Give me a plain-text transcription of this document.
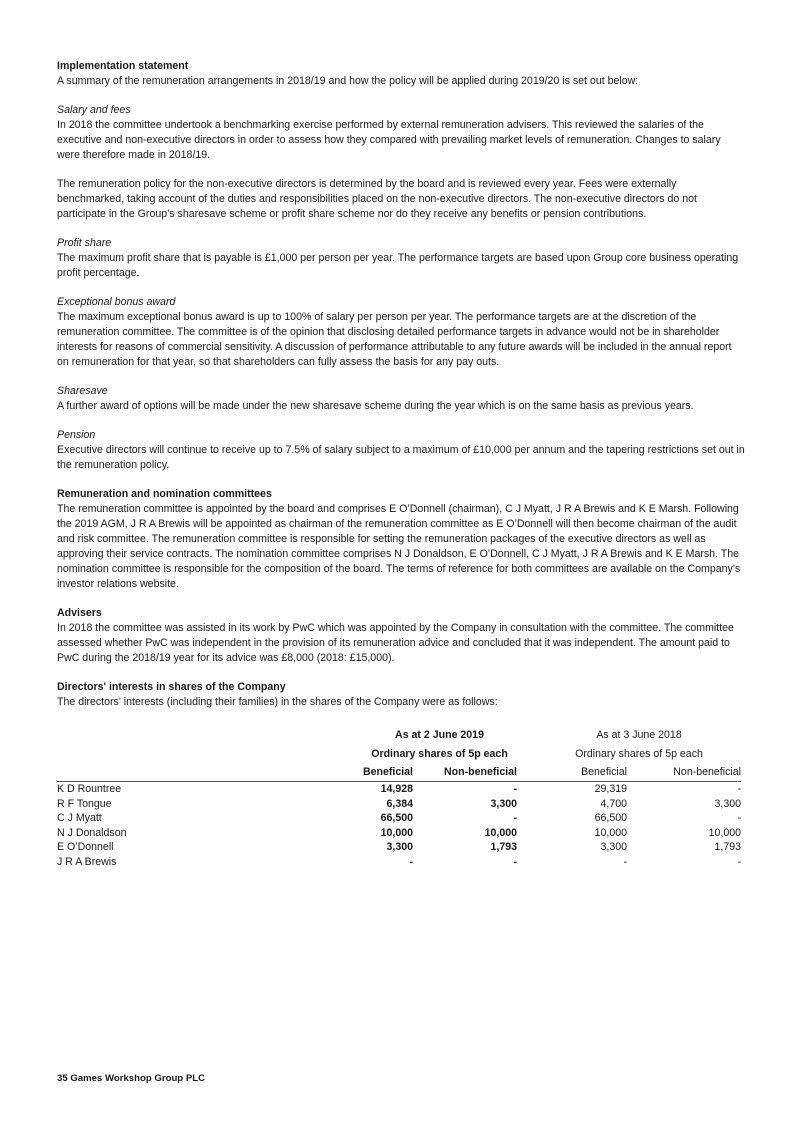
Implementation statement

A summary of the remuneration arrangements in 2018/19 and how the policy will be applied during 2019/20 is set out below:

Salary and fees

In 2018 the committee undertook a benchmarking exercise performed by external remuneration advisers. This reviewed the salaries of the executive and non-executive directors in order to assess how they compared with prevailing market levels of remuneration. Changes to salary were therefore made in 2018/19.

The remuneration policy for the non-executive directors is determined by the board and is reviewed every year. Fees were externally benchmarked, taking account of the duties and responsibilities placed on the non-executive directors. The non-executive directors do not participate in the Group’s sharesave scheme or profit share scheme nor do they receive any benefits or pension contributions.

Profit share

The maximum profit share that is payable is £1,000 per person per year. The performance targets are based upon Group core business operating profit percentage.

Exceptional bonus award

The maximum exceptional bonus award is up to 100% of salary per person per year. The performance targets are at the discretion of the remuneration committee. The committee is of the opinion that disclosing detailed performance targets in advance would not be in shareholder interests for reasons of commercial sensitivity. A discussion of performance attributable to any future awards will be included in the annual report on remuneration for that year, so that shareholders can fully assess the basis for any pay outs.

Sharesave

A further award of options will be made under the new sharesave scheme during the year which is on the same basis as previous years.

Pension

Executive directors will continue to receive up to 7.5% of salary subject to a maximum of £10,000 per annum and the tapering restrictions set out in the remuneration policy.

Remuneration and nomination committees

The remuneration committee is appointed by the board and comprises E O’Donnell (chairman), C J Myatt, J R A Brewis and K E Marsh. Following the 2019 AGM, J R A Brewis will be appointed as chairman of the remuneration committee as E O’Donnell will then become chairman of the audit and risk committee. The remuneration committee is responsible for setting the remuneration packages of the executive directors as well as approving their service contracts. The nomination committee comprises N J Donaldson, E O’Donnell, C J Myatt, J R A Brewis and K E Marsh. The nomination committee is responsible for the composition of the board. The terms of reference for both committees are available on the Company’s investor relations website.

Advisers

In 2018 the committee was assisted in its work by PwC which was appointed by the Company in consultation with the committee. The committee assessed whether PwC was independent in the provision of its remuneration advice and concluded that it was independent. The amount paid to PwC during the 2018/19 year for its advice was £8,000 (2018: £15,000).

Directors' interests in shares of the Company

The directors' interests (including their families) in the shares of the Company were as follows:

	As at 2 June 2019		As at 3 June 2018	
	Ordinary shares of 5p each		Ordinary shares of 5p each	
	Beneficial	Non-beneficial	Beneficial	Non-beneficial
K D Rountree	14,928	-	29,319	-
R F Tongue	6,384	3,300	4,700	3,300
C J Myatt	66,500	-	66,500	-
N J Donaldson	10,000	10,000	10,000	10,000
E O’Donnell	3,300	1,793	3,300	1,793
J R A Brewis	-	-	-	-
35 Games Workshop Group PLC
